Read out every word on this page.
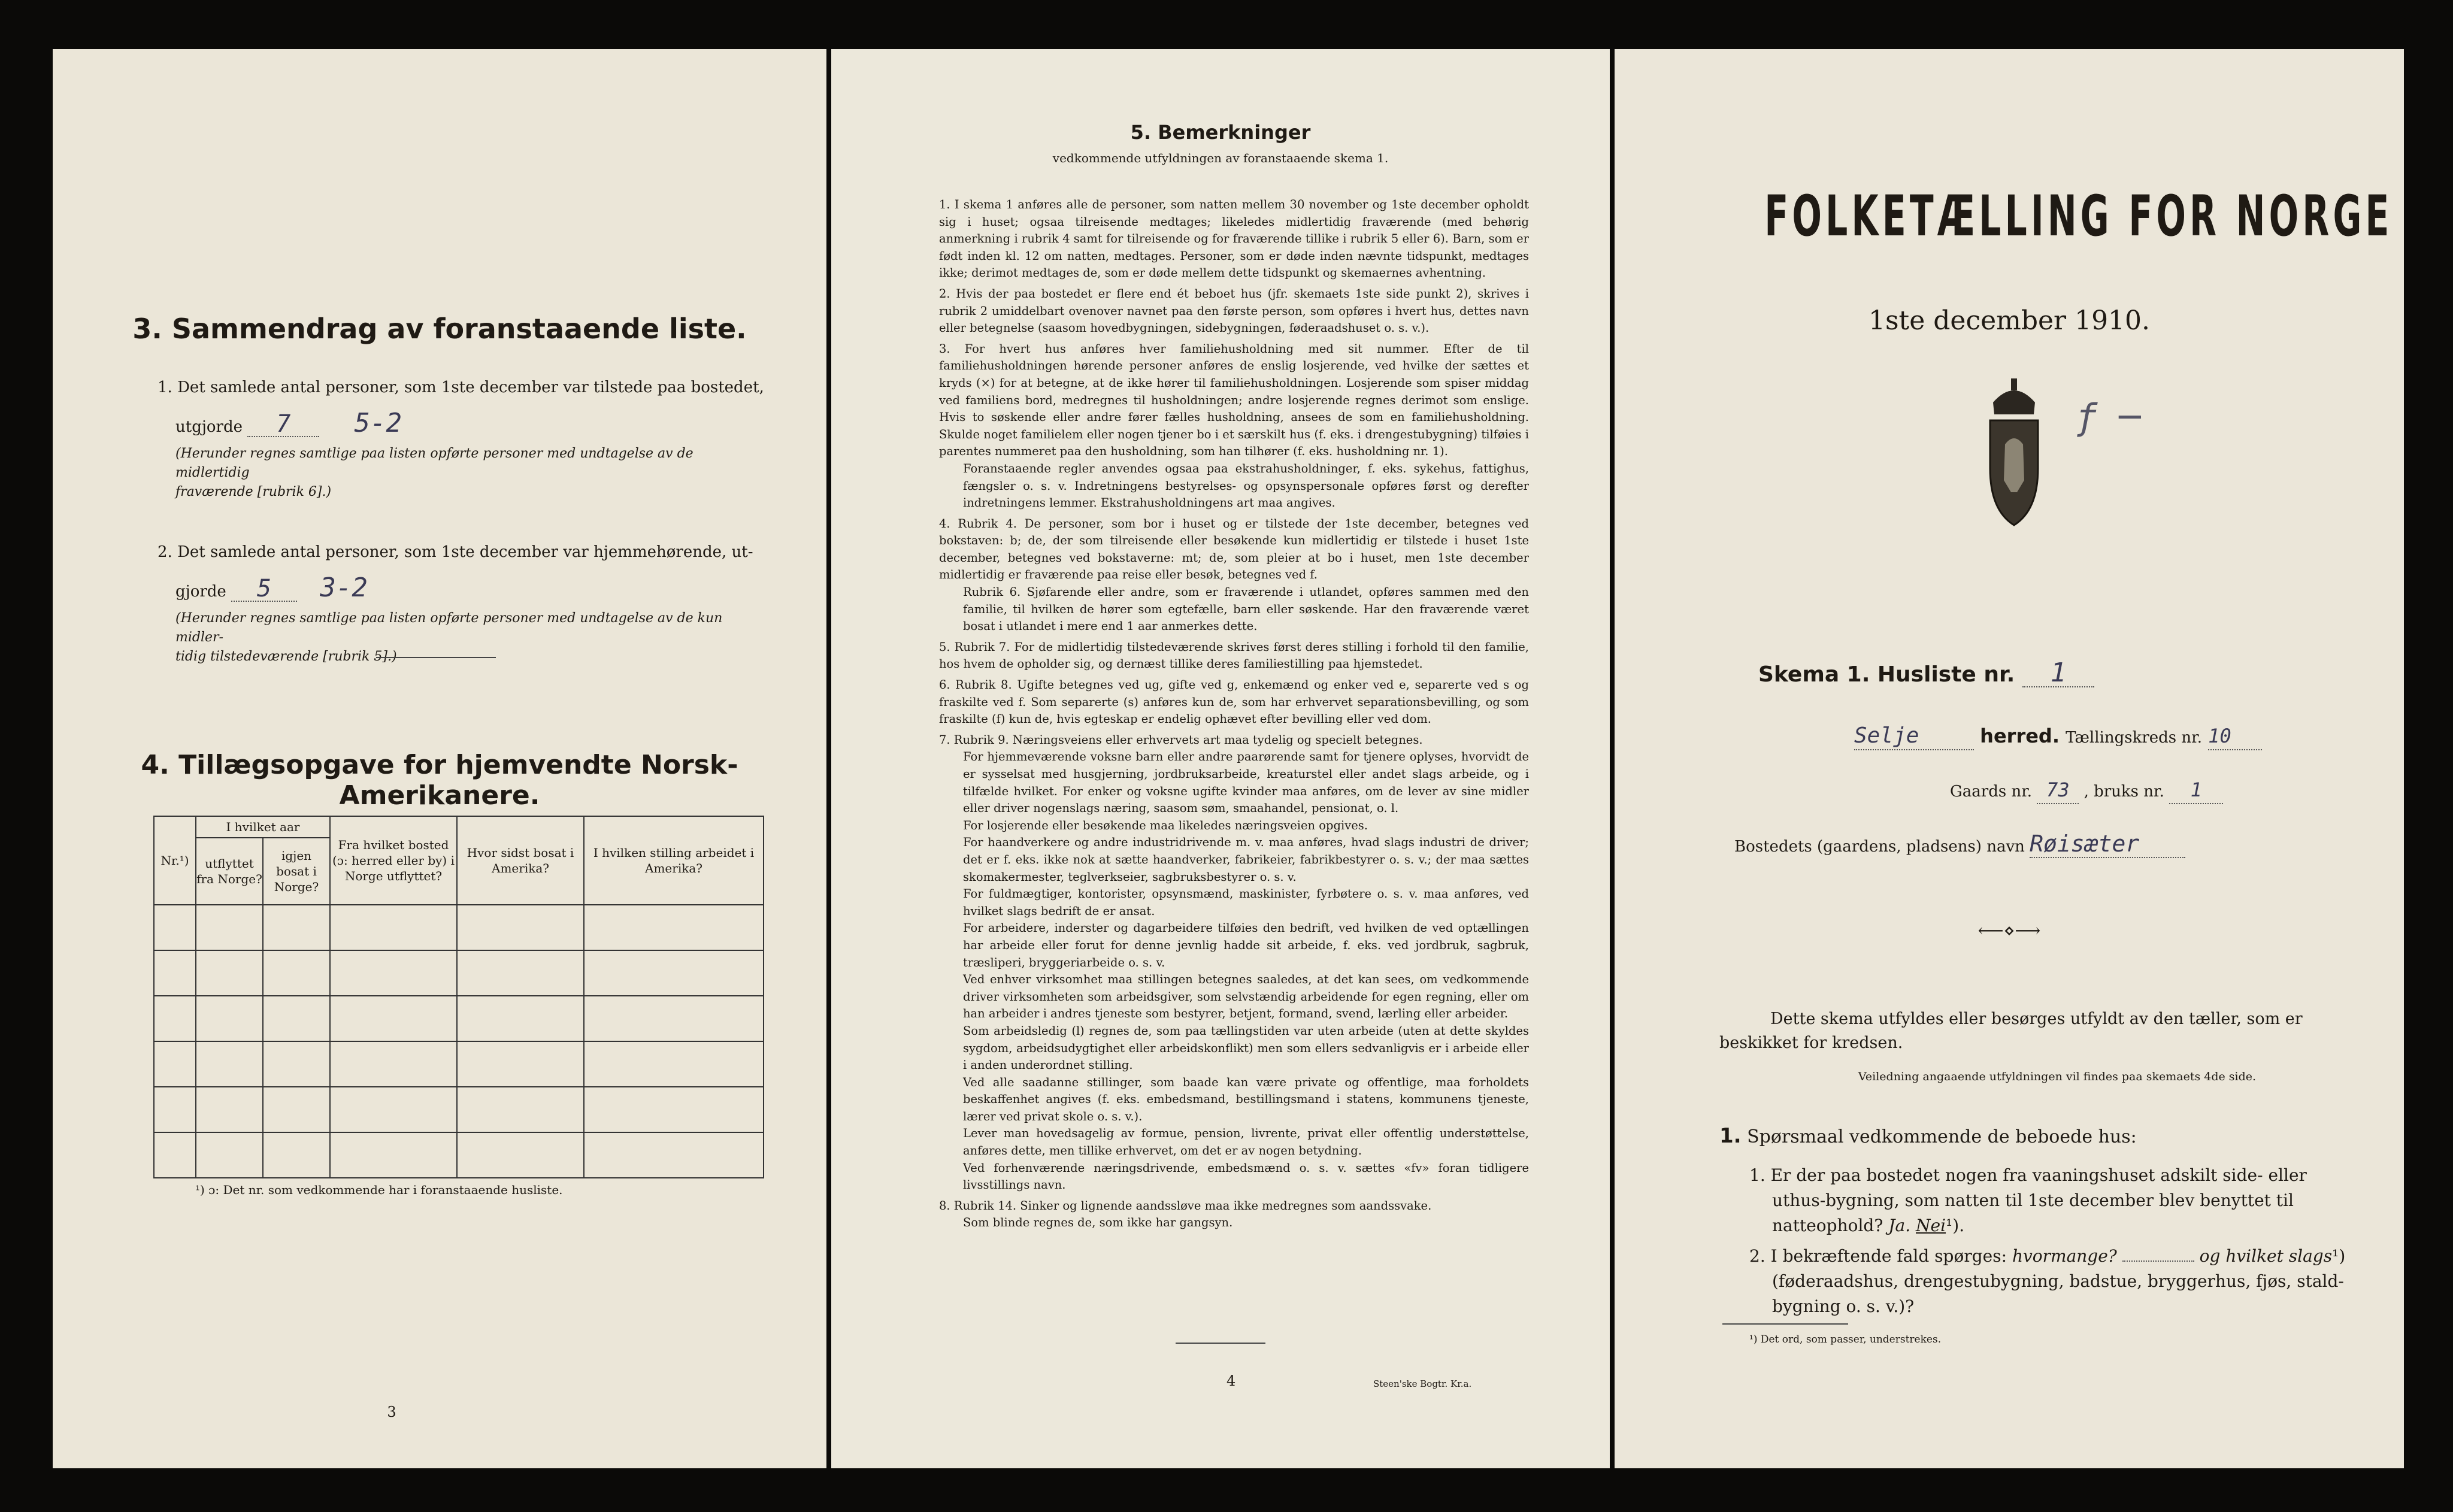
3. Sammendrag av foranstaaende liste.
1. Det samlede antal personer, som 1ste december var tilstede paa bostedet,
utgjorde 7 5-2
(Herunder regnes samtlige paa listen opførte personer med undtagelse av de midlertidig
fraværende [rubrik 6].)
2. Det samlede antal personer, som 1ste december var hjemmehørende, ut-
gjorde 5 3-2
(Herunder regnes samtlige paa listen opførte personer med undtagelse av de kun midler-
tidig tilstedeværende [rubrik 5].)
4. Tillægsopgave for hjemvendte Norsk-Amerikanere.
Nr.¹)	I hvilket aar		Fra hvilket bosted (ɔ: herred eller by) i Norge utflyttet?	Hvor sidst bosat i Amerika?	I hvilken stilling arbeidet i Amerika?
	utflyttet fra Norge?	igjen bosat i Norge?			

¹) ɔ: Det nr. som vedkommende har i foranstaaende husliste.
3
5. Bemerkninger
vedkommende utfyldningen av foranstaaende skema 1.

1. I skema 1 anføres alle de personer, som natten mellem 30 november og 1ste december opholdt sig i huset; ogsaa tilreisende medtages; likeledes midlertidig fraværende (med behørig anmerkning i rubrik 4 samt for tilreisende og for fraværende tillike i rubrik 5 eller 6). Barn, som er født inden kl. 12 om natten, medtages. Personer, som er døde inden nævnte tidspunkt, medtages ikke; derimot medtages de, som er døde mellem dette tidspunkt og skemaernes avhentning.

2. Hvis der paa bostedet er flere end ét beboet hus (jfr. skemaets 1ste side punkt 2), skrives i rubrik 2 umiddelbart ovenover navnet paa den første person, som opføres i hvert hus, dettes navn eller betegnelse (saasom hovedbygningen, sidebygningen, føderaadshuset o. s. v.).

3. For hvert hus anføres hver familiehusholdning med sit nummer. Efter de til familiehusholdningen hørende personer anføres de enslig losjerende, ved hvilke der sættes et kryds (×) for at betegne, at de ikke hører til familiehusholdningen. Losjerende som spiser middag ved familiens bord, medregnes til husholdningen; andre losjerende regnes derimot som enslige. Hvis to søskende eller andre fører fælles husholdning, ansees de som en familiehusholdning. Skulde noget familielem eller nogen tjener bo i et særskilt hus (f. eks. i drengestubygning) tilføies i parentes nummeret paa den husholdning, som han tilhører (f. eks. husholdning nr. 1).

Foranstaaende regler anvendes ogsaa paa ekstrahusholdninger, f. eks. sykehus, fattighus, fængsler o. s. v. Indretningens bestyrelses- og opsynspersonale opføres først og derefter indretningens lemmer. Ekstrahusholdningens art maa angives.

4. Rubrik 4. De personer, som bor i huset og er tilstede der 1ste december, betegnes ved bokstaven: b; de, der som tilreisende eller besøkende kun midlertidig er tilstede i huset 1ste december, betegnes ved bokstaverne: mt; de, som pleier at bo i huset, men 1ste december midlertidig er fraværende paa reise eller besøk, betegnes ved f.

Rubrik 6. Sjøfarende eller andre, som er fraværende i utlandet, opføres sammen med den familie, til hvilken de hører som egtefælle, barn eller søskende. Har den fraværende været bosat i utlandet i mere end 1 aar anmerkes dette.

5. Rubrik 7. For de midlertidig tilstedeværende skrives først deres stilling i forhold til den familie, hos hvem de opholder sig, og dernæst tillike deres familiestilling paa hjemstedet.

6. Rubrik 8. Ugifte betegnes ved ug, gifte ved g, enkemænd og enker ved e, separerte ved s og fraskilte ved f. Som separerte (s) anføres kun de, som har erhvervet separationsbevilling, og som fraskilte (f) kun de, hvis egteskap er endelig ophævet efter bevilling eller ved dom.

7. Rubrik 9. Næringsveiens eller erhvervets art maa tydelig og specielt betegnes.

For hjemmeværende voksne barn eller andre paarørende samt for tjenere oplyses, hvorvidt de er sysselsat med husgjerning, jordbruksarbeide, kreaturstel eller andet slags arbeide, og i tilfælde hvilket. For enker og voksne ugifte kvinder maa anføres, om de lever av sine midler eller driver nogenslags næring, saasom søm, smaahandel, pensionat, o. l.

For losjerende eller besøkende maa likeledes næringsveien opgives.

For haandverkere og andre industridrivende m. v. maa anføres, hvad slags industri de driver; det er f. eks. ikke nok at sætte haandverker, fabrikeier, fabrikbestyrer o. s. v.; der maa sættes skomakermester, teglverkseier, sagbruksbestyrer o. s. v.

For fuldmægtiger, kontorister, opsynsmænd, maskinister, fyrbøtere o. s. v. maa anføres, ved hvilket slags bedrift de er ansat.

For arbeidere, inderster og dagarbeidere tilføies den bedrift, ved hvilken de ved optællingen har arbeide eller forut for denne jevnlig hadde sit arbeide, f. eks. ved jordbruk, sagbruk, træsliperi, bryggeriarbeide o. s. v.

Ved enhver virksomhet maa stillingen betegnes saaledes, at det kan sees, om vedkommende driver virksomheten som arbeidsgiver, som selvstændig arbeidende for egen regning, eller om han arbeider i andres tjeneste som bestyrer, betjent, formand, svend, lærling eller arbeider.

Som arbeidsledig (l) regnes de, som paa tællingstiden var uten arbeide (uten at dette skyldes sygdom, arbeidsudygtighet eller arbeidskonflikt) men som ellers sedvanligvis er i arbeide eller i anden underordnet stilling.

Ved alle saadanne stillinger, som baade kan være private og offentlige, maa forholdets beskaffenhet angives (f. eks. embedsmand, bestillingsmand i statens, kommunens tjeneste, lærer ved privat skole o. s. v.).

Lever man hovedsagelig av formue, pension, livrente, privat eller offentlig understøttelse, anføres dette, men tillike erhvervet, om det er av nogen betydning.

Ved forhenværende næringsdrivende, embedsmænd o. s. v. sættes «fv» foran tidligere livsstillings navn.

8. Rubrik 14. Sinker og lignende aandssløve maa ikke medregnes som aandssvake.

Som blinde regnes de, som ikke har gangsyn.

4	Steen'ske Bogtr. Kr.a.
FOLKETÆLLING FOR NORGE
1ste december 1910.
ƒ ─
Skema 1. Husliste nr. 1
Selje	herred. Tællingskreds nr. 10
Gaards nr. 73 , bruks nr. 1
Bostedets (gaardens, pladsens) navn Røisæter
⟵⋄⟶
Dette skema utfyldes eller besørges utfyldt av den tæller, som er
beskikket for kredsen.
Veiledning angaaende utfyldningen vil findes paa skemaets 4de side.
1. Spørsmaal vedkommende de beboede hus:
1. Er der paa bostedet nogen fra vaaningshuset adskilt side- eller
uthus-bygning, som natten til 1ste december blev benyttet til
natteophold? Ja. Nei¹).
2. I bekræftende fald spørges: hvormange?	og hvilket slags¹)
(føderaadshus, drengestubygning, badstue, bryggerhus, fjøs, stald-
bygning o. s. v.)?
¹) Det ord, som passer, understrekes.
